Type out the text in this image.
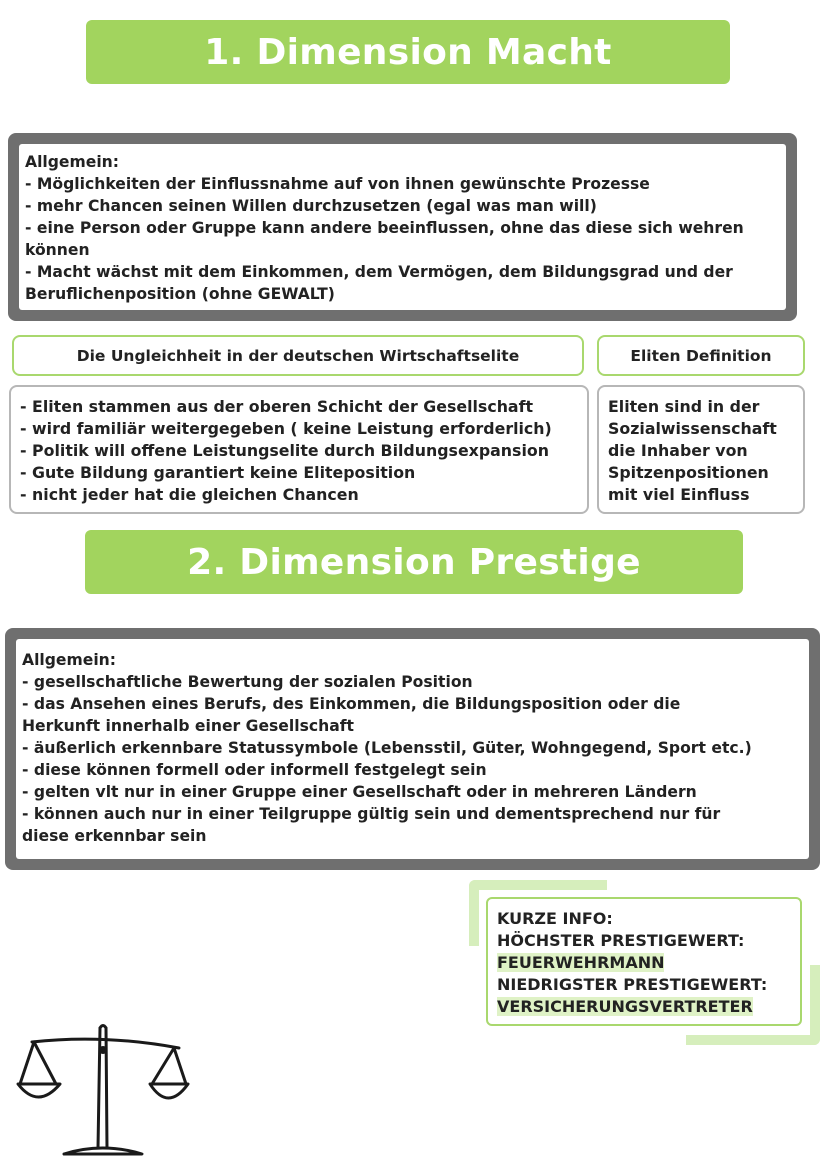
1. Dimension Macht
Allgemein:
- Möglichkeiten der Einflussnahme auf von ihnen gewünschte Prozesse
- mehr Chancen seinen Willen durchzusetzen (egal was man will)
- eine Person oder Gruppe kann andere beeinflussen, ohne das diese sich wehren
können
- Macht wächst mit dem Einkommen, dem Vermögen, dem Bildungsgrad und der
Beruflichenposition (ohne GEWALT)
Die Ungleichheit in der deutschen Wirtschaftselite	Eliten Definition
- Eliten stammen aus der oberen Schicht der Gesellschaft
- wird familiär weitergegeben ( keine Leistung erforderlich)
- Politik will offene Leistungselite durch Bildungsexpansion
- Gute Bildung garantiert keine Eliteposition
- nicht jeder hat die gleichen Chancen
Eliten sind in der
Sozialwissenschaft
die Inhaber von
Spitzenpositionen
mit viel Einfluss
2. Dimension Prestige
Allgemein:
- gesellschaftliche Bewertung der sozialen Position
- das Ansehen eines Berufs, des Einkommen, die Bildungsposition oder die
Herkunft innerhalb einer Gesellschaft
- äußerlich erkennbare Statussymbole (Lebensstil, Güter, Wohngegend, Sport etc.)
- diese können formell oder informell festgelegt sein
- gelten vlt nur in einer Gruppe einer Gesellschaft oder in mehreren Ländern
- können auch nur in einer Teilgruppe gültig sein und dementsprechend nur für
diese erkennbar sein
KURZE INFO:
HÖCHSTER PRESTIGEWERT:
FEUERWEHRMANN
NIEDRIGSTER PRESTIGEWERT:
VERSICHERUNGSVERTRETER
